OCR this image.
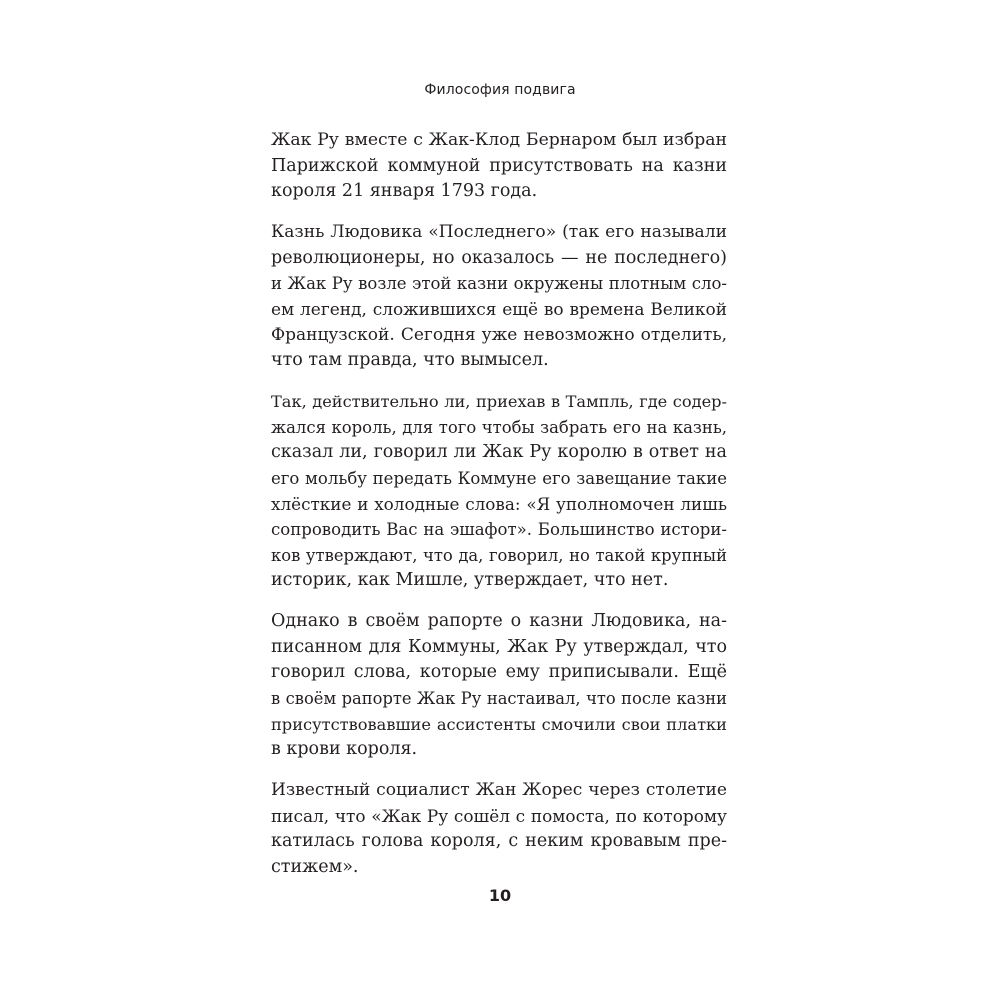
Философия подвига

Жак Ру вместе с Жак-Клод Бернаром был избран
Парижской коммуной присутствовать на казни
короля 21 января 1793 года.

Казнь Людовика «Последнего» (так его называли
революционеры, но оказалось — не последнего)
и Жак Ру возле этой казни окружены плотным сло-
ем легенд, сложившихся ещё во времена Великой
Французской. Сегодня уже невозможно отделить,
что там правда, что вымысел.

Так, действительно ли, приехав в Тампль, где содер-
жался король, для того чтобы забрать его на казнь,
сказал ли, говорил ли Жак Ру королю в ответ на
его мольбу передать Коммуне его завещание такие
хлёсткие и холодные слова: «Я уполномочен лишь
сопроводить Вас на эшафот». Большинство истори-
ков утверждают, что да, говорил, но такой крупный
историк, как Мишле, утверждает, что нет.

Однако в своём рапорте о казни Людовика, на-
писанном для Коммуны, Жак Ру утверждал, что
говорил слова, которые ему приписывали. Ещё
в своём рапорте Жак Ру настаивал, что после казни
присутствовавшие ассистенты смочили свои платки
в крови короля.

Известный социалист Жан Жорес через столетие
писал, что «Жак Ру сошёл с помоста, по которому
катилась голова короля, с неким кровавым пре-
стижем».

10
